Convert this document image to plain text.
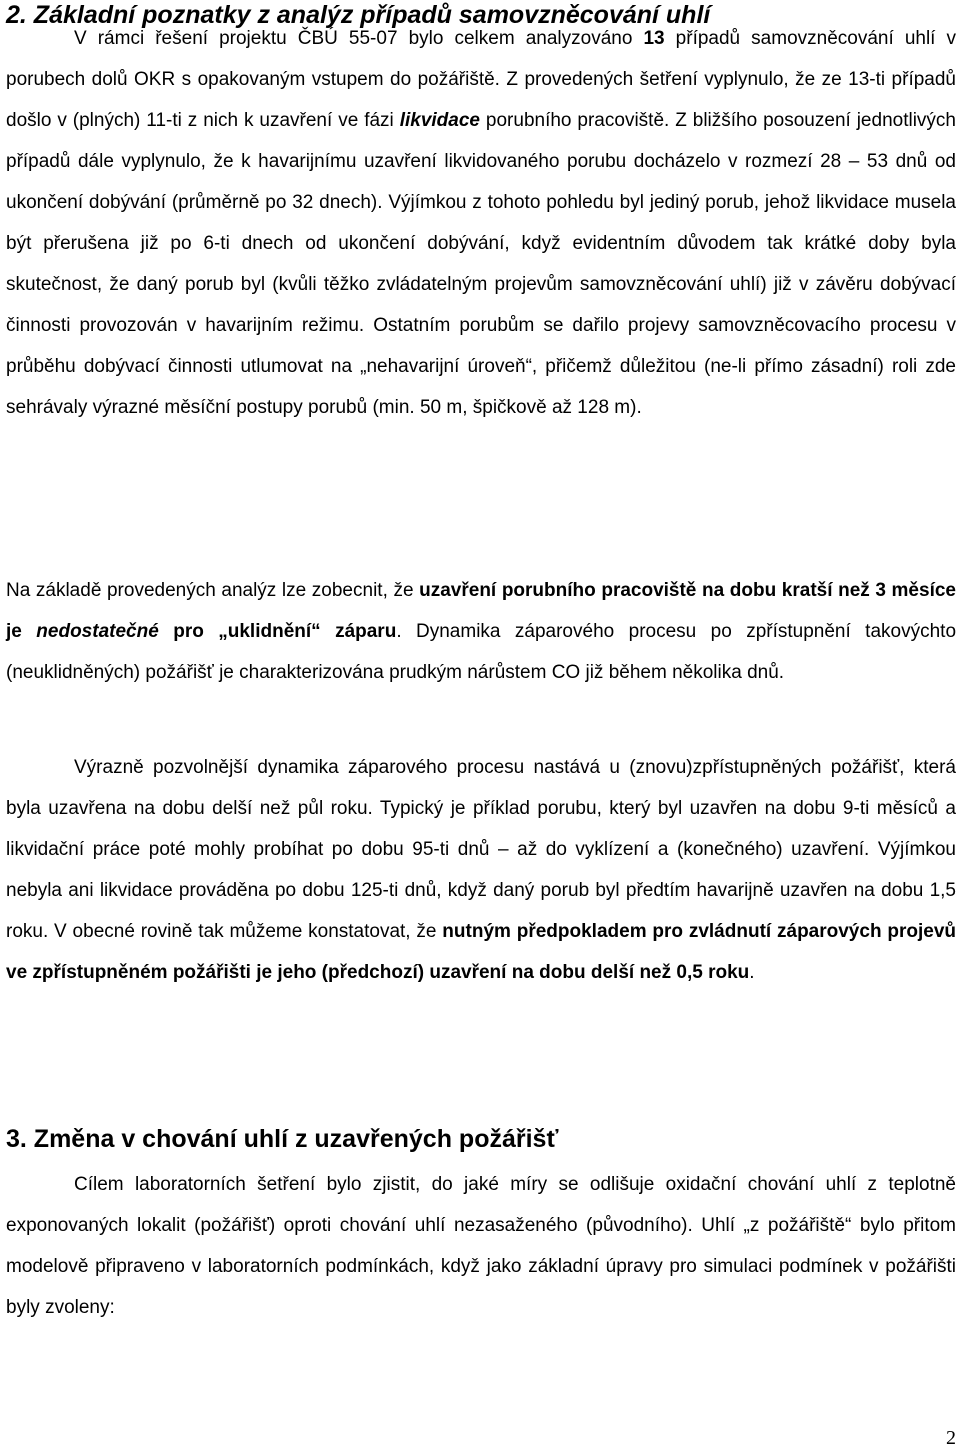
2. Základní poznatky z analýz případů samovzněcování uhlí

V rámci řešení projektu ČBÚ 55-07 bylo celkem analyzováno 13 případů samovzněcování uhlí v porubech dolů OKR s opakovaným vstupem do požářiště. Z provedených šetření vyplynulo, že ze 13-ti případů došlo v (plných) 11-ti z nich k uzavření ve fázi likvidace porubního pracoviště. Z bližšího posouzení jednotlivých případů dále vyplynulo, že k havarijnímu uzavření likvidovaného porubu docházelo v rozmezí 28 – 53 dnů od ukončení dobývání (průměrně po 32 dnech). Výjímkou z tohoto pohledu byl jediný porub, jehož likvidace musela být přerušena již po 6-ti dnech od ukončení dobývání, když evidentním důvodem tak krátké doby byla skutečnost, že daný porub byl (kvůli těžko zvládatelným projevům samovzněcování uhlí) již v závěru dobývací činnosti provozován v havarijním režimu. Ostatním porubům se dařilo projevy samovzněcovacího procesu v průběhu dobývací činnosti utlumovat na „nehavarijní úroveň“, přičemž důležitou (ne-li přímo zásadní) roli zde sehrávaly výrazné měsíční postupy porubů (min. 50 m, špičkově až 128 m).

Na základě provedených analýz lze zobecnit, že uzavření porubního pracoviště na dobu kratší než 3 měsíce je nedostatečné pro „uklidnění“ záparu. Dynamika záparového procesu po zpřístupnění takovýchto (neuklidněných) požářišť je charakterizována prudkým nárůstem CO již během několika dnů.

Výrazně pozvolnější dynamika záparového procesu nastává u (znovu)zpřístupněných požářišť, která byla uzavřena na dobu delší než půl roku. Typický je příklad porubu, který byl uzavřen na dobu 9-ti měsíců a likvidační práce poté mohly probíhat po dobu 95-ti dnů – až do vyklízení a (konečného) uzavření. Výjímkou nebyla ani likvidace prováděna po dobu 125-ti dnů, když daný porub byl předtím havarijně uzavřen na dobu 1,5 roku. V obecné rovině tak můžeme konstatovat, že nutným předpokladem pro zvládnutí záparových projevů ve zpřístupněném požářišti je jeho (předchozí) uzavření na dobu delší než 0,5 roku.

3. Změna v chování uhlí z uzavřených požářišť

Cílem laboratorních šetření bylo zjistit, do jaké míry se odlišuje oxidační chování uhlí z teplotně exponovaných lokalit (požářišť) oproti chování uhlí nezasaženého (původního). Uhlí „z požářiště“ bylo přitom modelově připraveno v laboratorních podmínkách, když jako základní úpravy pro simulaci podmínek v požářišti byly zvoleny:

2
